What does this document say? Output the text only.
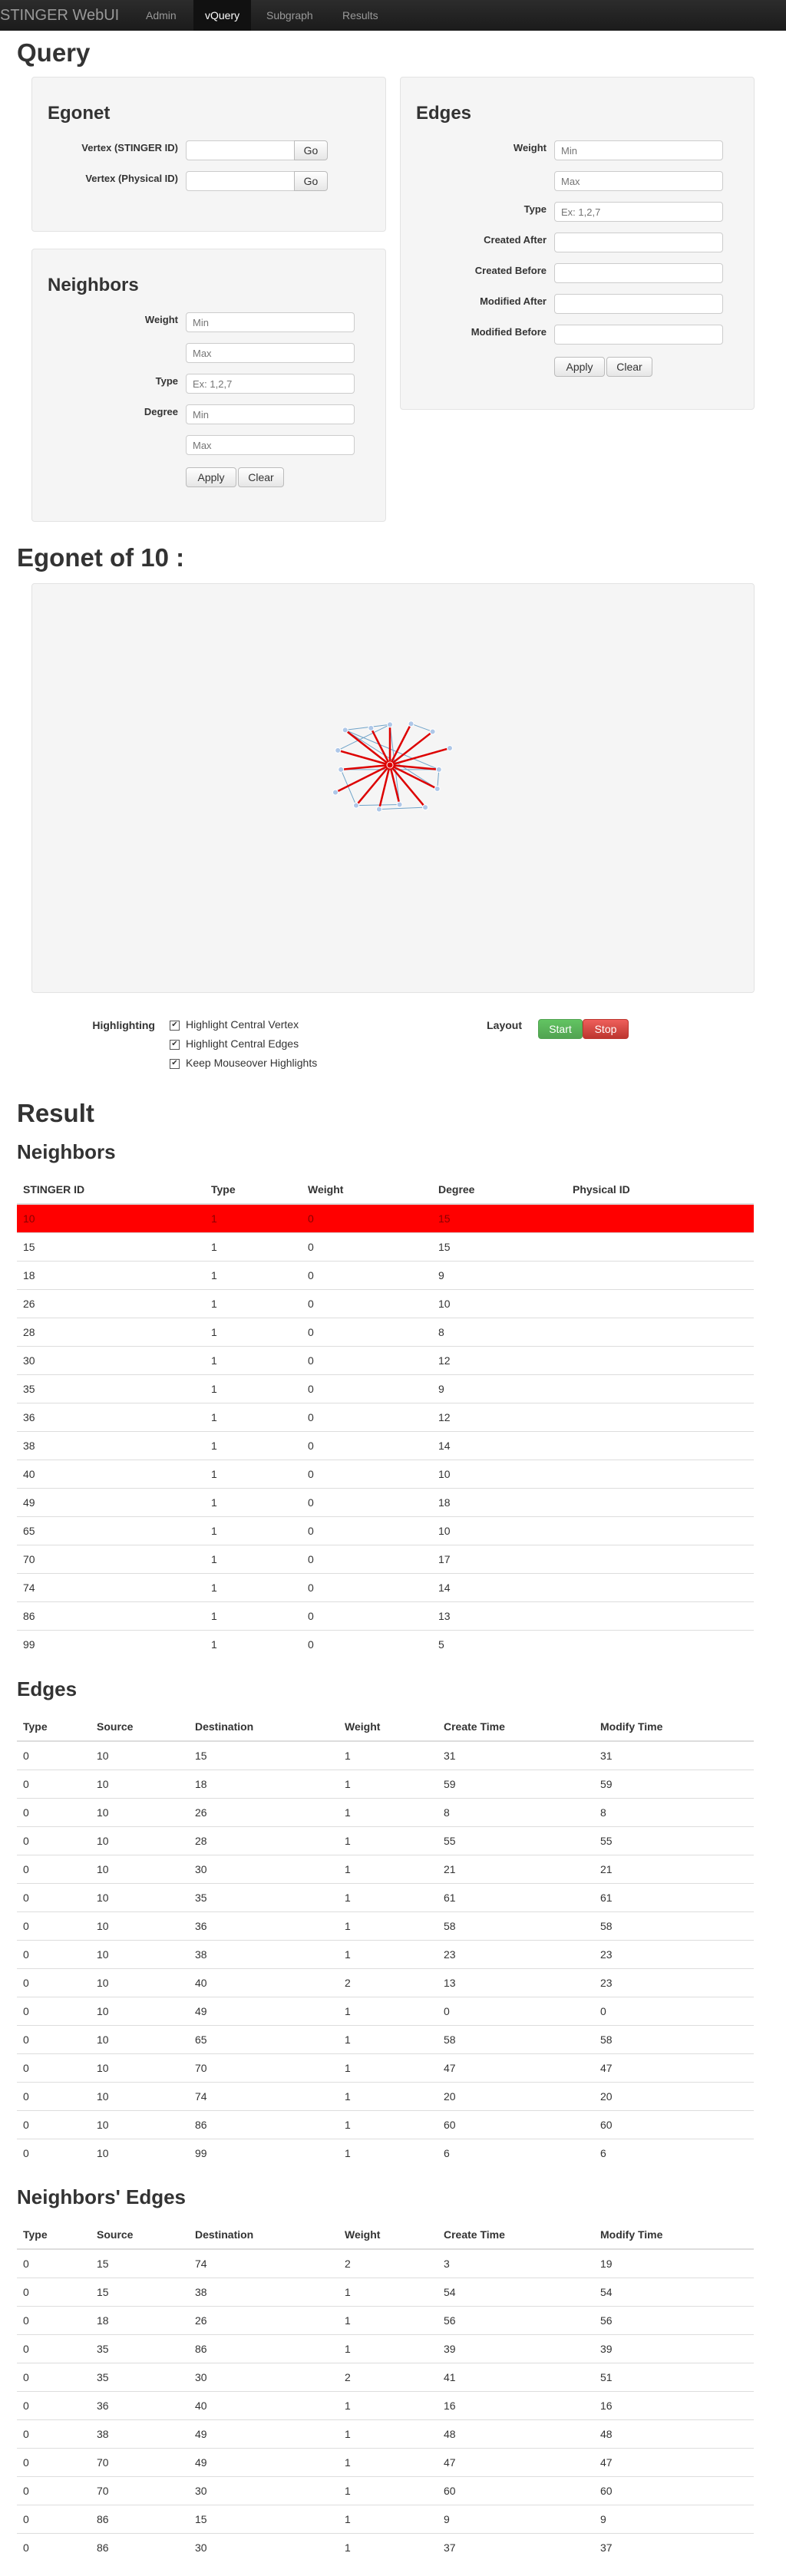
STINGER WebUI	Admin	vQuery	Subgraph	Results
Query
Egonet
Vertex (STINGER ID)	Go
Vertex (Physical ID)	Go
Neighbors
Weight
Min
Max
Type
Ex: 1,2,7
Degree
Min
Max
Apply	Clear
Edges
Weight
Min
Max
Type
Ex: 1,2,7
Created After
Created Before
Modified After
Modified Before
Apply	Clear
Egonet of 10 :
Highlighting ✔ Highlight Central Vertex
✔ Highlight Central Edges
✔ Keep Mouseover Highlights
Layout	Start	Stop
Result
Neighbors
STINGER ID	Type	Weight	Degree	Physical ID
10	1	0	15	
15	1	0	15	
18	1	0	9	
26	1	0	10	
28	1	0	8	
30	1	0	12	
35	1	0	9	
36	1	0	12	
38	1	0	14	
40	1	0	10	
49	1	0	18	
65	1	0	10	
70	1	0	17	
74	1	0	14	
86	1	0	13	
99	1	0	5	
Edges
Type	Source	Destination	Weight	Create Time	Modify Time
0	10	15	1	31	31
0	10	18	1	59	59
0	10	26	1	8	8
0	10	28	1	55	55
0	10	30	1	21	21
0	10	35	1	61	61
0	10	36	1	58	58
0	10	38	1	23	23
0	10	40	2	13	23
0	10	49	1	0	0
0	10	65	1	58	58
0	10	70	1	47	47
0	10	74	1	20	20
0	10	86	1	60	60
0	10	99	1	6	6
Neighbors' Edges
Type	Source	Destination	Weight	Create Time	Modify Time
0	15	74	2	3	19
0	15	38	1	54	54
0	18	26	1	56	56
0	35	86	1	39	39
0	35	30	2	41	51
0	36	40	1	16	16
0	38	49	1	48	48
0	70	49	1	47	47
0	70	30	1	60	60
0	86	15	1	9	9
0	86	30	1	37	37
